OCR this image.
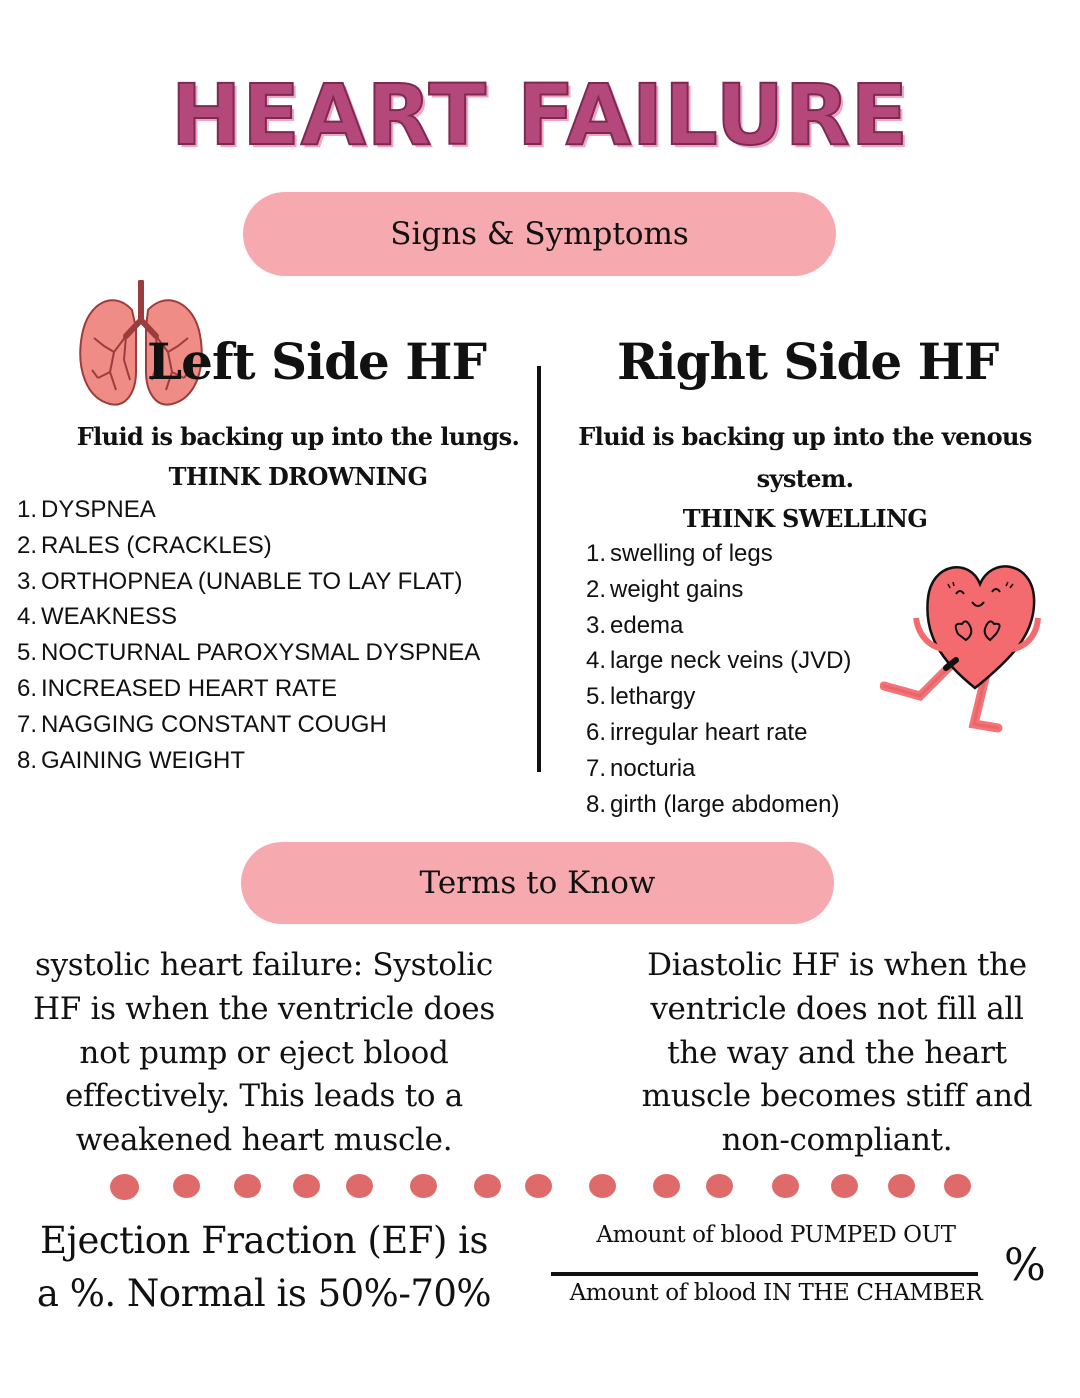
HEART FAILURE
Signs & Symptoms
Left Side HF	Right Side HF
Fluid is backing up into the lungs.
THINK DROWNING
1. DYSPNEA
2. RALES (CRACKLES)
3. ORTHOPNEA (UNABLE TO LAY FLAT)
4. WEAKNESS
5. NOCTURNAL PAROXYSMAL DYSPNEA
6. INCREASED HEART RATE
7. NAGGING CONSTANT COUGH
8. GAINING WEIGHT
Fluid is backing up into the venous
system.
THINK SWELLING
1. swelling of legs
2. weight gains
3. edema
4. large neck veins (JVD)
5. lethargy
6. irregular heart rate
7. nocturia
8. girth (large abdomen)
Terms to Know
systolic heart failure: Systolic
HF is when the ventricle does
not pump or eject blood
effectively. This leads to a
weakened heart muscle.
Diastolic HF is when the
ventricle does not fill all
the way and the heart
muscle becomes stiff and
non-compliant.
Ejection Fraction (EF) is
a %. Normal is 50%-70%
Amount of blood PUMPED OUT
Amount of blood IN THE CHAMBER
%
